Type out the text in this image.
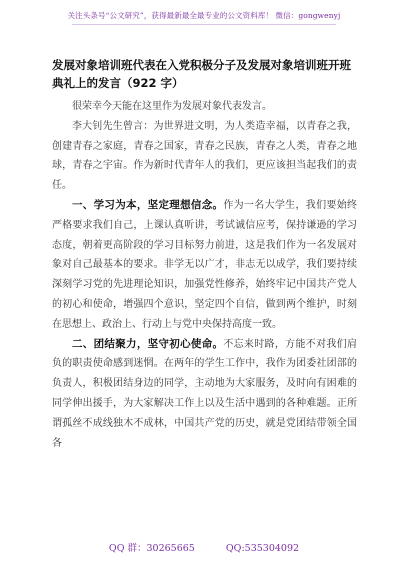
关注头条号“公文研究”，获得最新最全最专业的公文资料库！ 微信：gongwenyj
发展对象培训班代表在入党积极分子及发展对象培训班开班典礼上的发言（922 字）

很荣幸今天能在这里作为发展对象代表发言。

李大钊先生曾言：为世界进文明，为人类造幸福，以青春之我，创建青春之家庭，青春之国家，青春之民族，青春之人类，青春之地球，青春之宇宙。作为新时代青年人的我们，更应该担当起我们的责任。

一、学习为本，坚定理想信念。作为一名大学生，我们要始终严格要求我们自己，上课认真听讲，考试诚信应考，保持谦逊的学习态度，朝着更高阶段的学习目标努力前进，这是我们作为一名发展对象对自己最基本的要求。非学无以广才，非志无以成学，我们要持续深刻学习党的先进理论知识，加强党性修养，始终牢记中国共产党人的初心和使命，增强四个意识，坚定四个自信，做到两个维护，时刻在思想上、政治上、行动上与党中央保持高度一致。

二、团结聚力，坚守初心使命。不忘来时路，方能不对我们肩负的职责使命感到迷惘。在两年的学生工作中，我作为团委社团部的负责人，积极团结身边的同学，主动地为大家服务，及时向有困难的同学伸出援手，为大家解决工作上以及生活中遇到的各种难题。正所谓孤丝不成线独木不成林，中国共产党的历史，就是党团结带领全国各

QQ 群：30265665	QQ:535304092
